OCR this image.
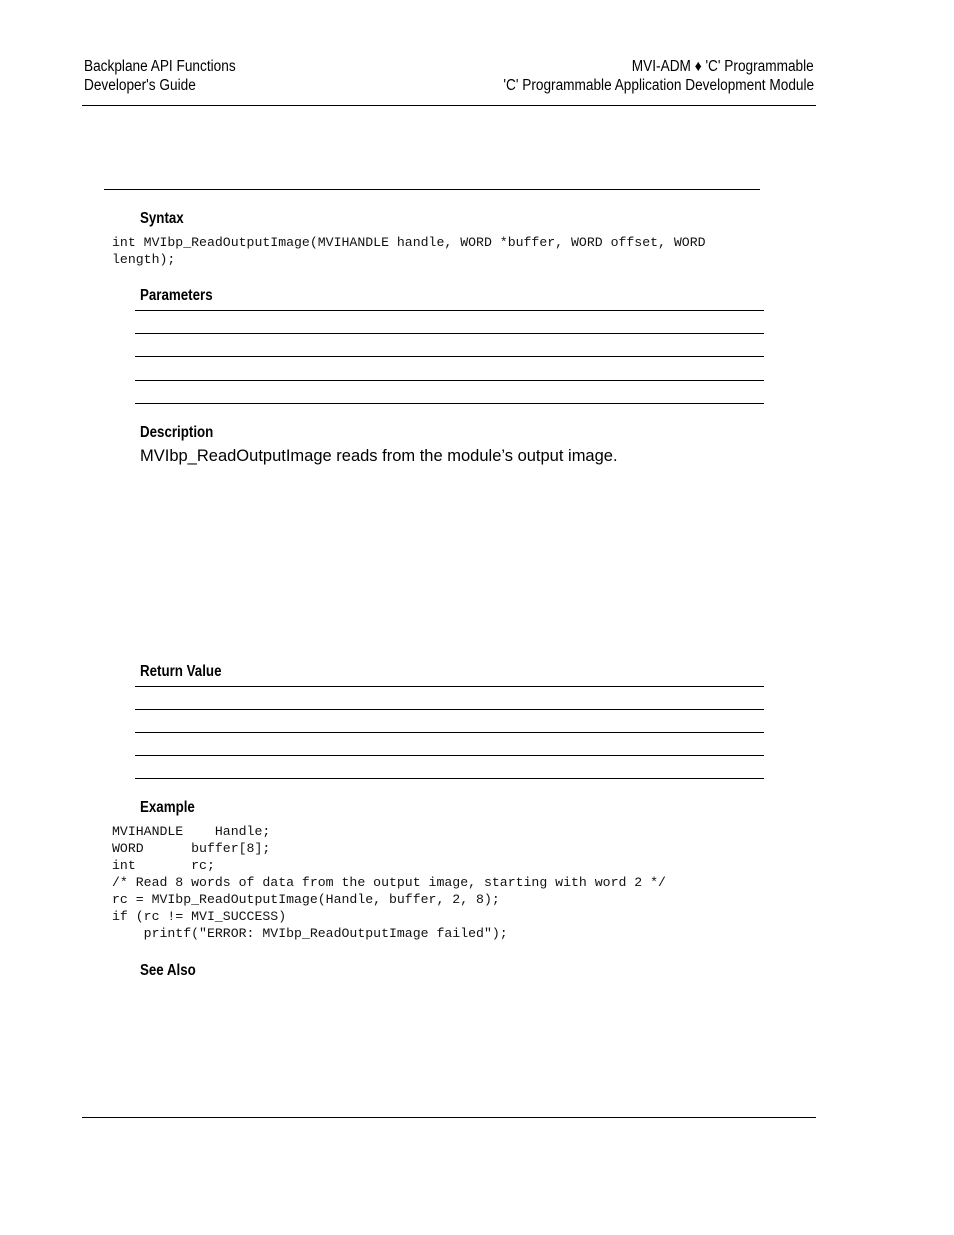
Backplane API Functions
Developer's Guide
MVI-ADM ♦ 'C' Programmable
'C' Programmable Application Development Module
Syntax
int MVIbp_ReadOutputImage(MVIHANDLE handle, WORD *buffer, WORD offset, WORD
length);
Parameters
Description
MVIbp_ReadOutputImage reads from the module’s output image.
Return Value
Example
MVIHANDLE    Handle;
WORD      buffer[8];
int       rc;
/* Read 8 words of data from the output image, starting with word 2 */
rc = MVIbp_ReadOutputImage(Handle, buffer, 2, 8);
if (rc != MVI_SUCCESS)
printf("ERROR: MVIbp_ReadOutputImage failed");
See Also
